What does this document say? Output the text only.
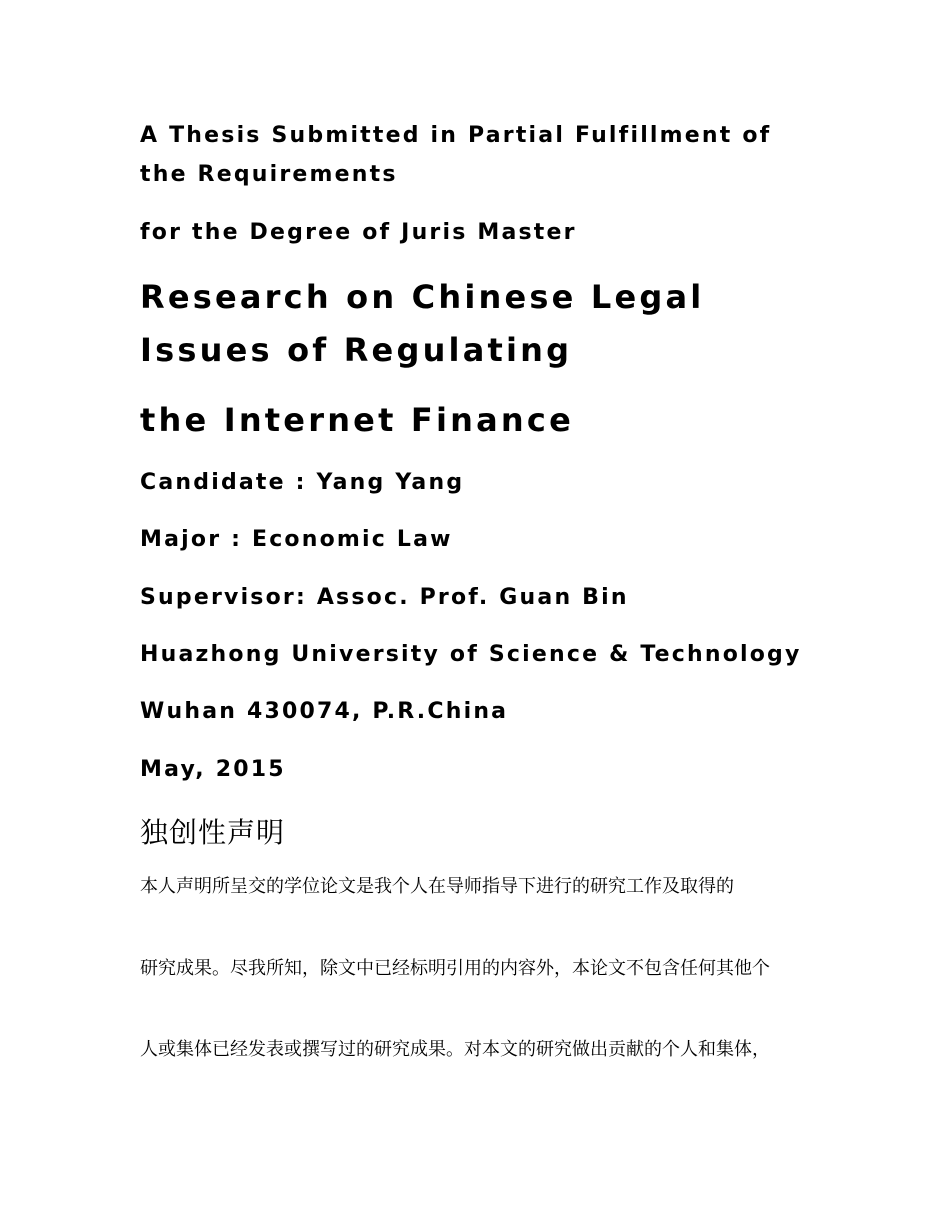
A Thesis Submitted in Partial Fulfillment of the Requirements

for the Degree of Juris Master

Research on Chinese Legal Issues of Regulating
the Internet Finance

Candidate : Yang Yang

Major : Economic Law

Supervisor: Assoc. Prof. Guan Bin

Huazhong University of Science & Technology

Wuhan 430074, P.R.China

May, 2015

独创性声明

本人声明所呈交的学位论文是我个人在导师指导下进行的研究工作及取得的

研究成果。尽我所知，除文中已经标明引用的内容外，本论文不包含任何其他个

人或集体已经发表或撰写过的研究成果。对本文的研究做出贡献的个人和集体，
